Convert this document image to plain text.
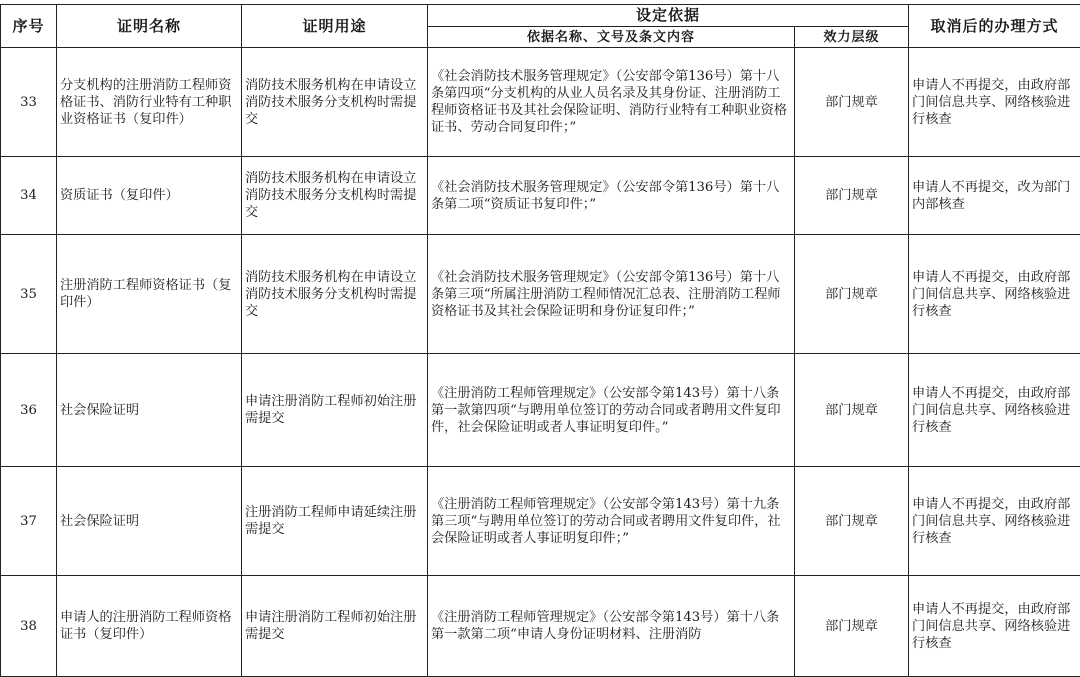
序号	证明名称	证明用途	设定依据		取消后的办理方式
			依据名称、文号及条文内容	效力层级	
33	分支机构的注册消防工程师资格证书、消防行业特有工种职业资格证书（复印件）	消防技术服务机构在申请设立消防技术服务分支机构时需提交	《社会消防技术服务管理规定》（公安部令第136号）第十八条第四项“分支机构的从业人员名录及其身份证、注册消防工程师资格证书及其社会保险证明、消防行业特有工种职业资格证书、劳动合同复印件；”	部门规章	申请人不再提交，由政府部门间信息共享、网络核验进行核查
34	资质证书（复印件）	消防技术服务机构在申请设立消防技术服务分支机构时需提交	《社会消防技术服务管理规定》（公安部令第136号）第十八条第二项“资质证书复印件；”	部门规章	申请人不再提交，改为部门内部核查
35	注册消防工程师资格证书（复印件）	消防技术服务机构在申请设立消防技术服务分支机构时需提交	《社会消防技术服务管理规定》（公安部令第136号）第十八条第三项“所属注册消防工程师情况汇总表、注册消防工程师资格证书及其社会保险证明和身份证复印件；”	部门规章	申请人不再提交，由政府部门间信息共享、网络核验进行核查
36	社会保险证明	申请注册消防工程师初始注册需提交	《注册消防工程师管理规定》（公安部令第143号）第十八条第一款第四项“与聘用单位签订的劳动合同或者聘用文件复印件，社会保险证明或者人事证明复印件。”	部门规章	申请人不再提交，由政府部门间信息共享、网络核验进行核查
37	社会保险证明	注册消防工程师申请延续注册需提交	《注册消防工程师管理规定》（公安部令第143号）第十九条第三项“与聘用单位签订的劳动合同或者聘用文件复印件，社会保险证明或者人事证明复印件；”	部门规章	申请人不再提交，由政府部门间信息共享、网络核验进行核查
38	申请人的注册消防工程师资格证书（复印件）	申请注册消防工程师初始注册需提交	《注册消防工程师管理规定》（公安部令第143号）第十八条第一款第二项“申请人身份证明材料、注册消防	部门规章	申请人不再提交，由政府部门间信息共享、网络核验进行核查
